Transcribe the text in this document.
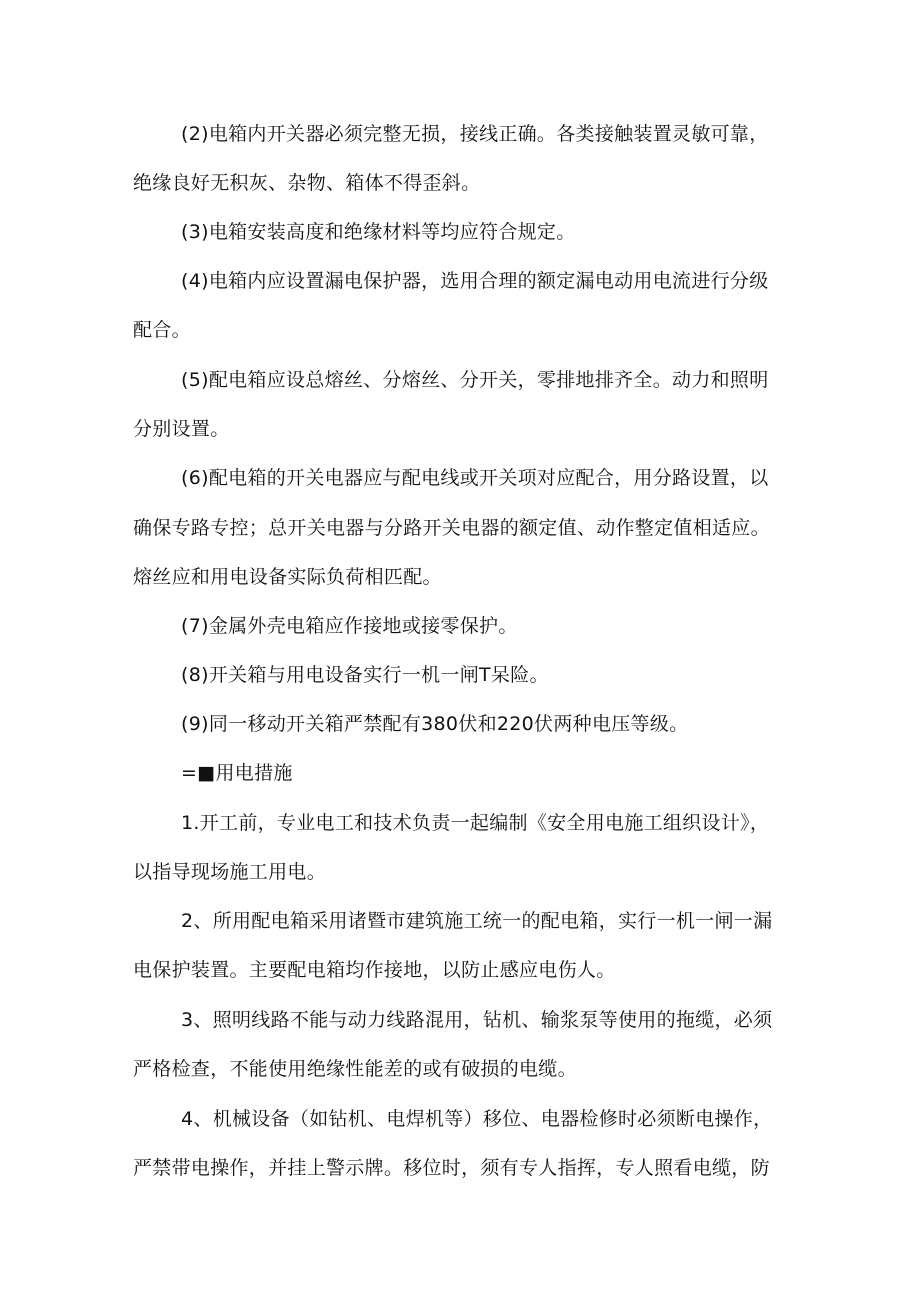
(2)电箱内开关器必须完整无损，接线正确。各类接触装置灵敏可靠，
绝缘良好无积灰、杂物、箱体不得歪斜。
(3)电箱安装高度和绝缘材料等均应符合规定。
(4)电箱内应设置漏电保护器，选用合理的额定漏电动用电流进行分级
配合。
(5)配电箱应设总熔丝、分熔丝、分开关，零排地排齐全。动力和照明
分别设置。
(6)配电箱的开关电器应与配电线或开关项对应配合，用分路设置，以
确保专路专控；总开关电器与分路开关电器的额定值、动作整定值相适应。
熔丝应和用电设备实际负荷相匹配。
(7)金属外壳电箱应作接地或接零保护。
(8)开关箱与用电设备实行一机一闸T呆险。
(9)同一移动开关箱严禁配有380伏和220伏两种电压等级。
=■用电措施
1.开工前，专业电工和技术负责一起编制《安全用电施工组织设计》，
以指导现场施工用电。
2、所用配电箱采用诸暨市建筑施工统一的配电箱，实行一机一闸一漏
电保护装置。主要配电箱均作接地，以防止感应电伤人。
3、照明线路不能与动力线路混用，钻机、输浆泵等使用的拖缆，必须
严格检查，不能使用绝缘性能差的或有破损的电缆。
4、机械设备（如钻机、电焊机等）移位、电器检修时必须断电操作，
严禁带电操作，并挂上警示牌。移位时，须有专人指挥，专人照看电缆，防
